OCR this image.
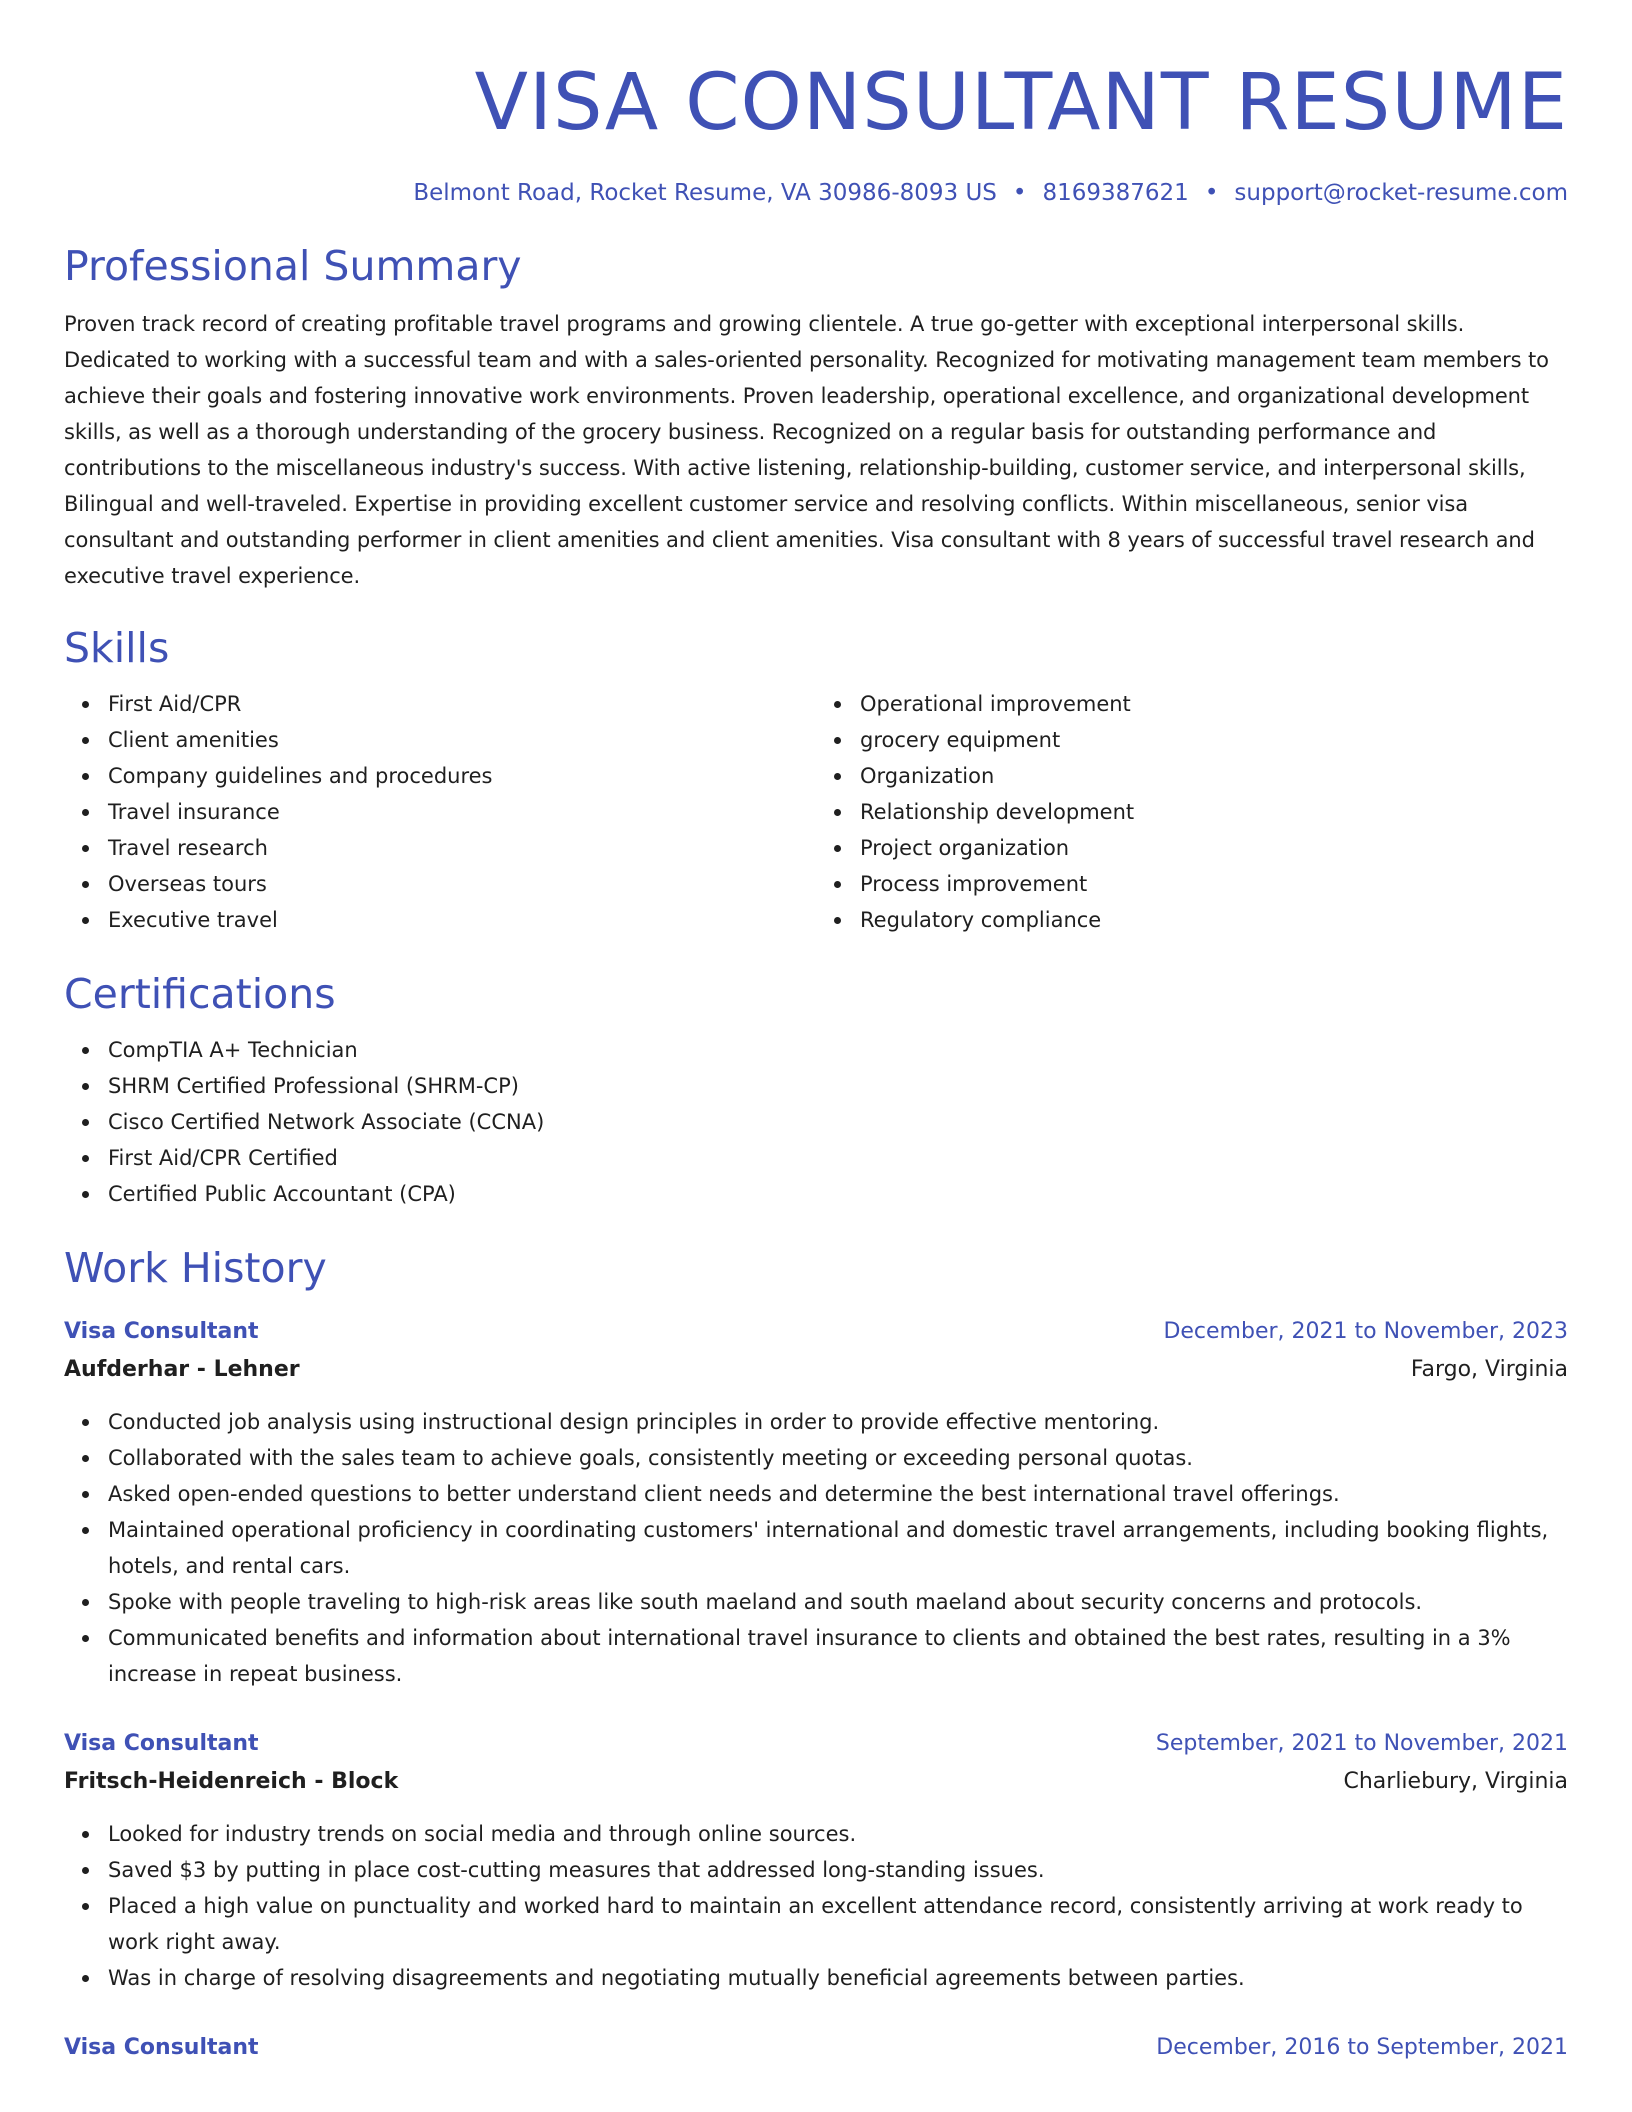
VISA CONSULTANT RESUME
Belmont Road, Rocket Resume, VA 30986-8093 US • 8169387621 • support@rocket-resume.com
Professional Summary
Proven track record of creating profitable travel programs and growing clientele. A true go-getter with exceptional interpersonal skills. Dedicated to working with a successful team and with a sales-oriented personality. Recognized for motivating management team members to achieve their goals and fostering innovative work environments. Proven leadership, operational excellence, and organizational development skills, as well as a thorough understanding of the grocery business. Recognized on a regular basis for outstanding performance and contributions to the miscellaneous industry's success. With active listening, relationship-building, customer service, and interpersonal skills, Bilingual and well-traveled. Expertise in providing excellent customer service and resolving conflicts. Within miscellaneous, senior visa consultant and outstanding performer in client amenities and client amenities. Visa consultant with 8 years of successful travel research and executive travel experience.
Skills
First Aid/CPR
Client amenities
Company guidelines and procedures
Travel insurance
Travel research
Overseas tours
Executive travel
Operational improvement
grocery equipment
Organization
Relationship development
Project organization
Process improvement
Regulatory compliance
Certifications
CompTIA A+ Technician
SHRM Certified Professional (SHRM-CP)
Cisco Certified Network Associate (CCNA)
First Aid/CPR Certified
Certified Public Accountant (CPA)
Work History
Visa Consultant	December, 2021 to November, 2023
Aufderhar - Lehner	Fargo, Virginia
Conducted job analysis using instructional design principles in order to provide effective mentoring.
Collaborated with the sales team to achieve goals, consistently meeting or exceeding personal quotas.
Asked open-ended questions to better understand client needs and determine the best international travel offerings.
Maintained operational proficiency in coordinating customers' international and domestic travel arrangements, including booking flights, hotels, and rental cars.
Spoke with people traveling to high-risk areas like south maeland and south maeland about security concerns and protocols.
Communicated benefits and information about international travel insurance to clients and obtained the best rates, resulting in a 3% increase in repeat business.
Visa Consultant	September, 2021 to November, 2021
Fritsch-Heidenreich - Block	Charliebury, Virginia
Looked for industry trends on social media and through online sources.
Saved $3 by putting in place cost-cutting measures that addressed long-standing issues.
Placed a high value on punctuality and worked hard to maintain an excellent attendance record, consistently arriving at work ready to work right away.
Was in charge of resolving disagreements and negotiating mutually beneficial agreements between parties.
Visa Consultant	December, 2016 to September, 2021
